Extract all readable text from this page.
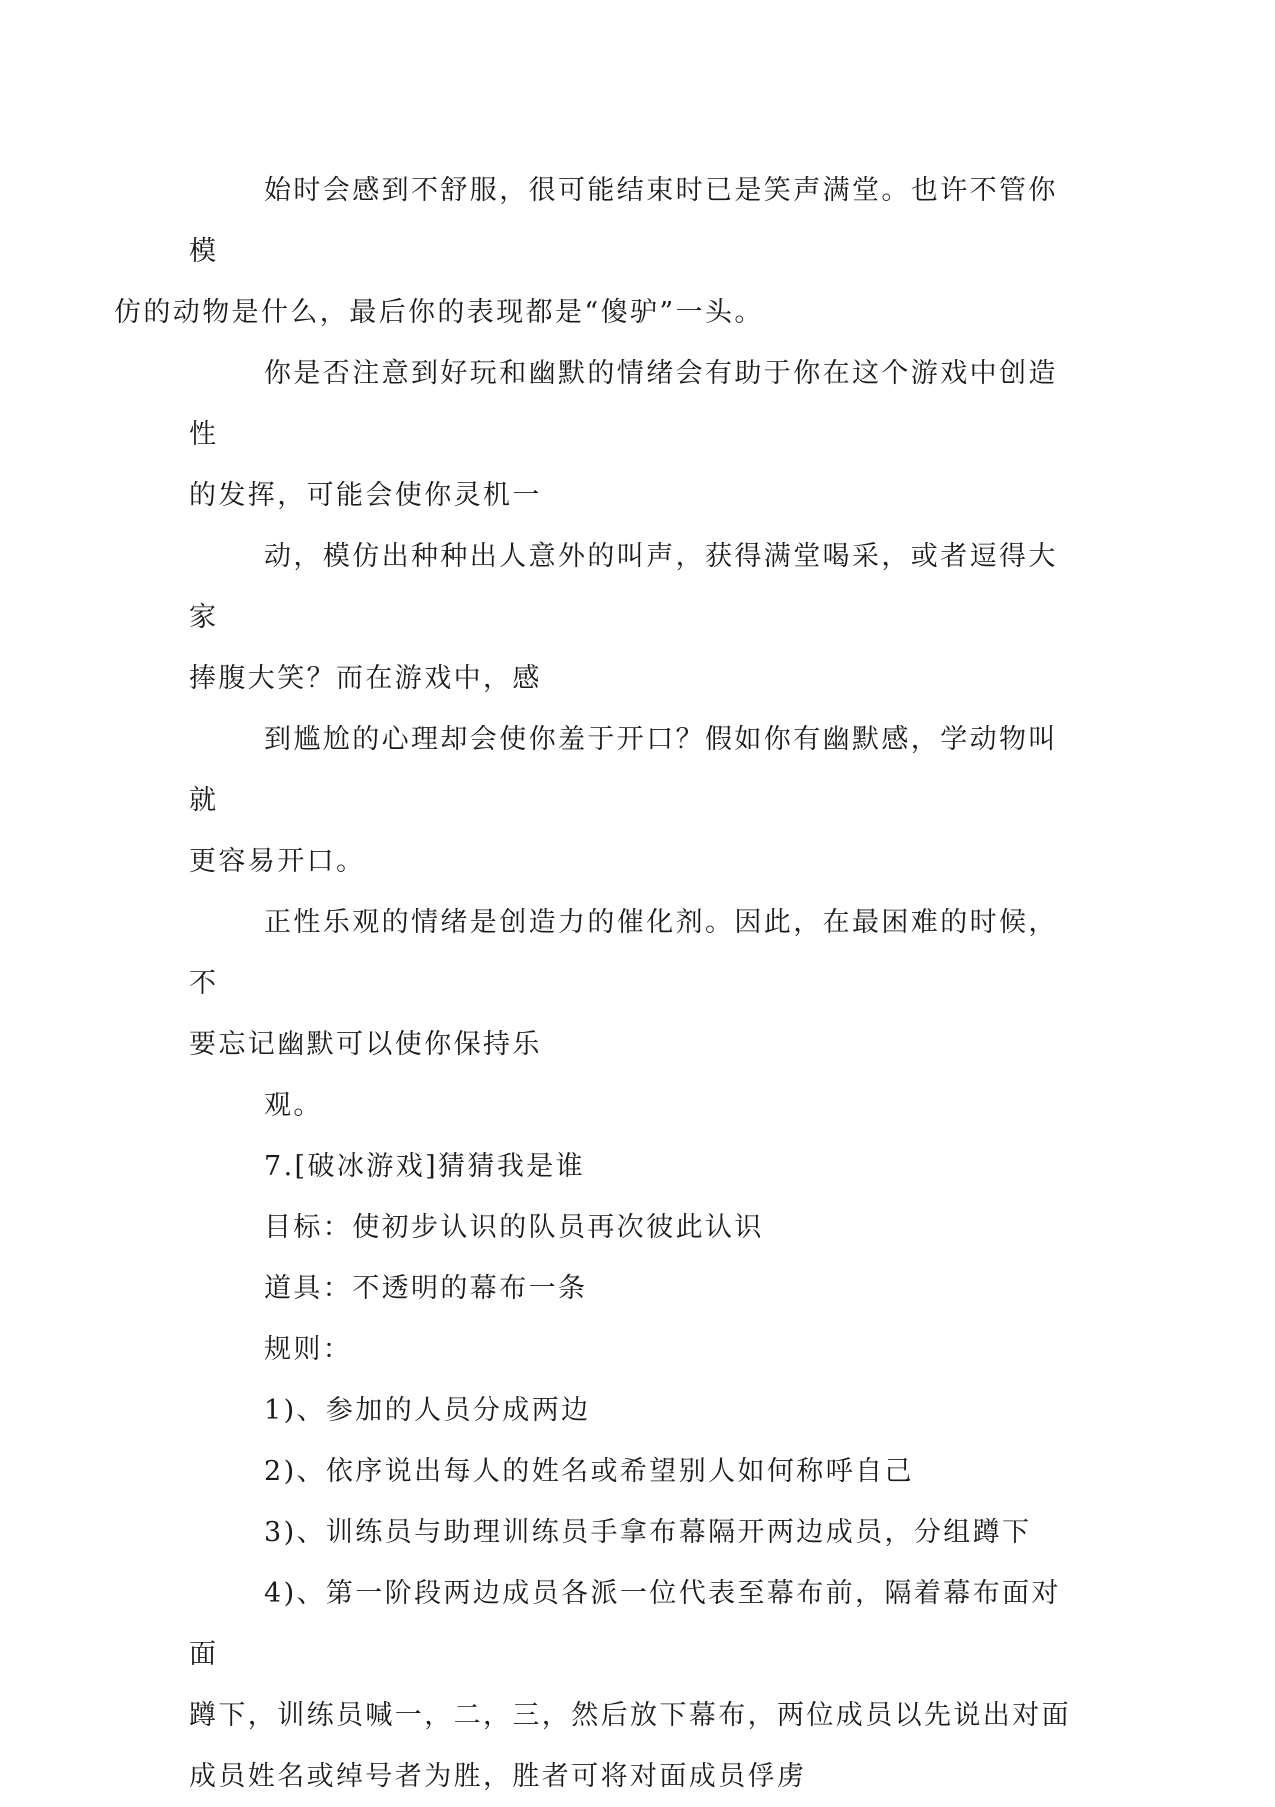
始时会感到不舒服，很可能结束时已是笑声满堂。也许不管你模
仿的动物是什么，最后你的表现都是“傻驴”一头。
你是否注意到好玩和幽默的情绪会有助于你在这个游戏中创造性
的发挥，可能会使你灵机一
动，模仿出种种出人意外的叫声，获得满堂喝采，或者逗得大家
捧腹大笑？而在游戏中，感
到尴尬的心理却会使你羞于开口？假如你有幽默感，学动物叫就
更容易开口。
正性乐观的情绪是创造力的催化剂。因此，在最困难的时候，不
要忘记幽默可以使你保持乐
观。
7.[破冰游戏]猜猜我是谁
目标：使初步认识的队员再次彼此认识
道具：不透明的幕布一条
规则：
1)、参加的人员分成两边
2)、依序说出每人的姓名或希望别人如何称呼自己
3)、训练员与助理训练员手拿布幕隔开两边成员，分组蹲下
4)、第一阶段两边成员各派一位代表至幕布前，隔着幕布面对面
蹲下，训练员喊一，二，三，然后放下幕布，两位成员以先说出对面
成员姓名或绰号者为胜，胜者可将对面成员俘虏
